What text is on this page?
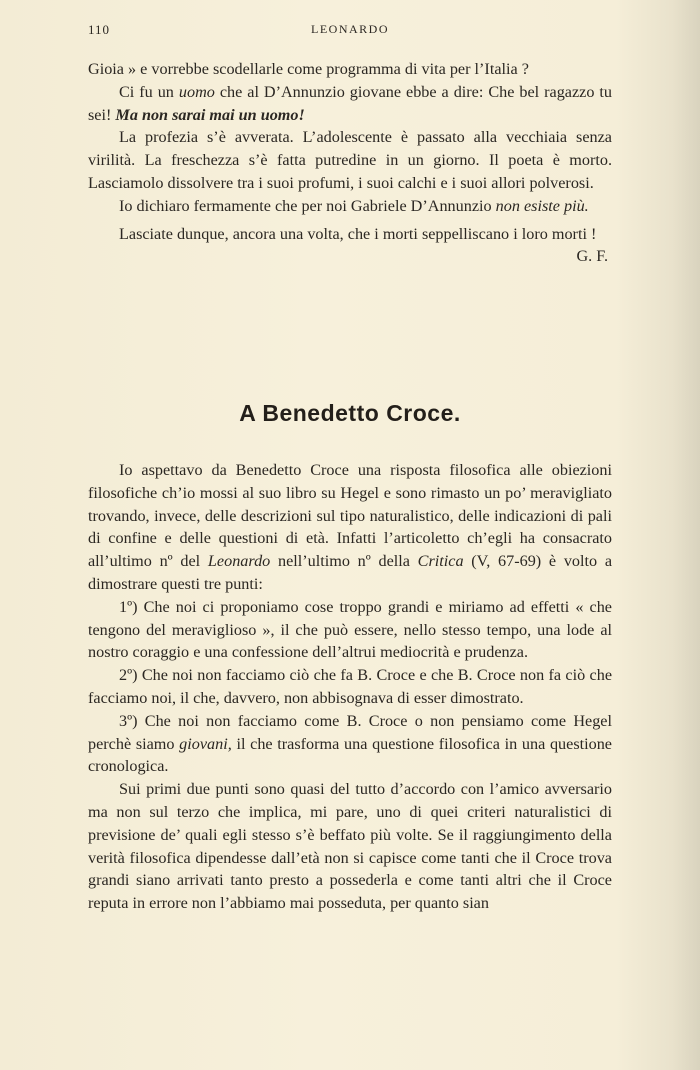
110	LEONARDO

Gioia » e vorrebbe scodellarle come programma di vita per l’Italia ?

Ci fu un uomo che al D’Annunzio giovane ebbe a dire: Che bel ragazzo tu sei! Ma non sarai mai un uomo!

La profezia s’è avverata. L’adolescente è passato alla vecchiaia senza virilità. La freschezza s’è fatta putredine in un giorno. Il poeta è morto. Lasciamolo dissolvere tra i suoi profumi, i suoi calchi e i suoi allori polverosi.

Io dichiaro fermamente che per noi Gabriele D’Annunzio non esiste più.

Lasciate dunque, ancora una volta, che i morti seppelliscano i loro morti !

G. F.

A Benedetto Croce.

Io aspettavo da Benedetto Croce una risposta filosofica alle obiezioni filosofiche ch’io mossi al suo libro su Hegel e sono rimasto un po’ meravigliato trovando, invece, delle descrizioni sul tipo naturalistico, delle indicazioni di pali di confine e delle questioni di età. Infatti l’articoletto ch’egli ha consacrato all’ultimo nº del Leonardo nell’ultimo nº della Critica (V, 67-69) è volto a dimostrare questi tre punti:

1º) Che noi ci proponiamo cose troppo grandi e miriamo ad effetti « che tengono del meraviglioso », il che può essere, nello stesso tempo, una lode al nostro coraggio e una confessione dell’altrui mediocrità e prudenza.

2º) Che noi non facciamo ciò che fa B. Croce e che B. Croce non fa ciò che facciamo noi, il che, davvero, non abbisognava di esser dimostrato.

3º) Che noi non facciamo come B. Croce o non pensiamo come Hegel perchè siamo giovani, il che trasforma una questione filosofica in una questione cronologica.

Sui primi due punti sono quasi del tutto d’accordo con l’amico avversario ma non sul terzo che implica, mi pare, uno di quei criteri naturalistici di previsione de’ quali egli stesso s’è beffato più volte. Se il raggiungimento della verità filosofica dipendesse dall’età non si capisce come tanti che il Croce trova grandi siano arrivati tanto presto a possederla e come tanti altri che il Croce reputa in errore non l’abbiamo mai posseduta, per quanto sian
